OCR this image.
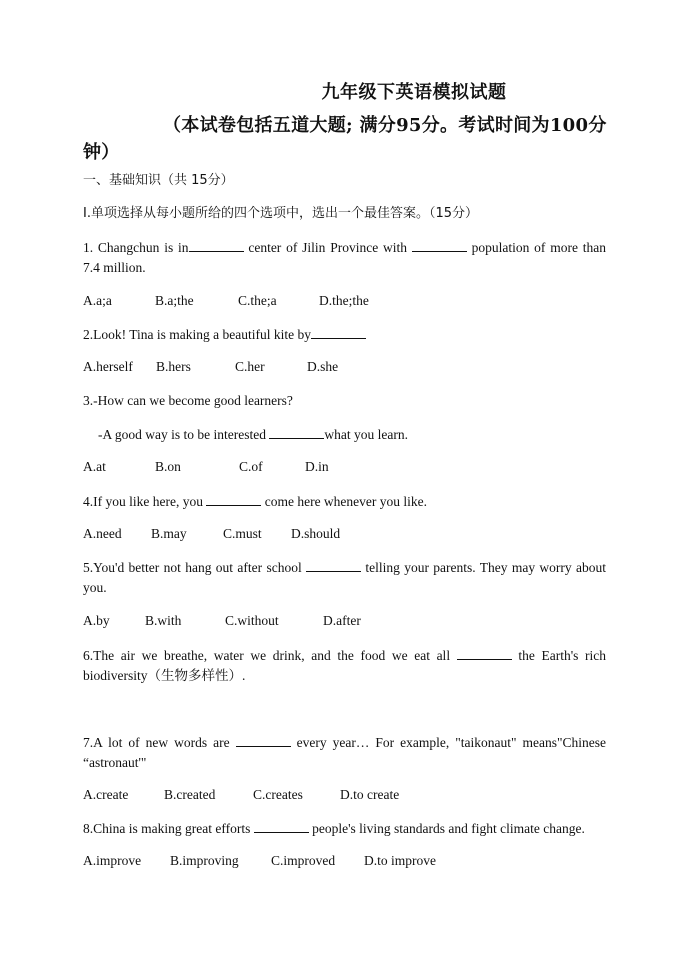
九年级下英语模拟试题
（本试卷包括五道大题; 满分95分。考试时间为100分钟）
一、基础知识（共 15分）
I.单项选择从每小题所给的四个选项中，选出一个最佳答案。（15分）
1. Changchun is in	center of Jilin Province with	population of more than 7.4 million.
A.a;a	B.a;the	C.the;a	D.the;the
2.Look! Tina is making a beautiful kite by
A.herself B.hers	C.her	D.she
3.-How can we become good learners?
-A good way is to be interested	what you learn.
A.at	B.on	C.of	D.in
4.If you like here, you	come here whenever you like.
A.need B.may	C.must D.should
5.You'd better not hang out after school	telling your parents. They may worry about you.
A.by	B.with	C.without	D.after
6.The air we breathe, water we drink, and the food we eat all	the Earth's rich biodiversity（生物多样性）.
7.A lot of new words are	every year… For example, "taikonaut" means"Chinese “astronaut'"
A.create	B.created	C.creates	D.to create
8.China is making great efforts	people's living standards and fight climate change.
A.improve B.improving C.improved D.to improve
